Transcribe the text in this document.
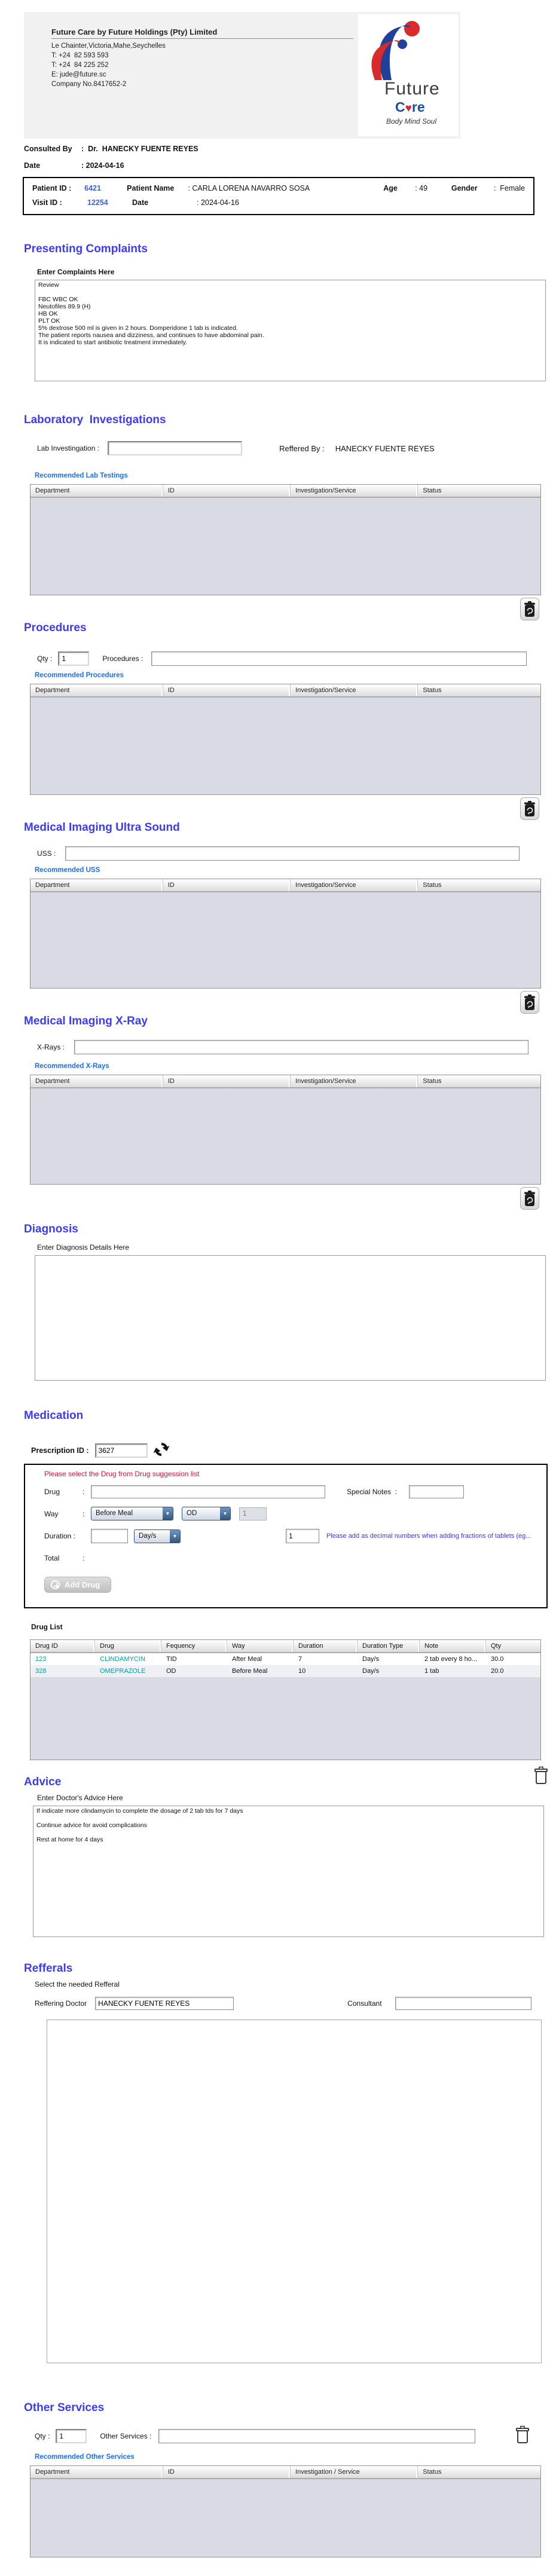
Future Care by Future Holdings (Pty) Limited
Le Chainter,Victoria,Mahe,Seychelles
T: +24  82 593 593
T: +24  84 225 252
E: jude@future.sc
Company No.8417652-2	Future
C♥re
Body Mind Soul
Consulted By :  Dr.  HANECKY FUENTE REYES
Date	: 2024-04-16
Patient ID :	6421	Patient Name	: CARLA LORENA NAVARRO SOSA	Age	: 49	Gender	:  Female
Visit ID :	12254	Date	: 2024-04-16
Presenting Complaints
Enter Complaints Here
Review FBC WBC OK Neutofiles 89.9 (H) HB OK PLT OK 5% dextrose 500 ml is given in 2 hours. Domperidone 1 tab is indicated. The patient reports nausea and dizziness, and continues to have abdominal pain. It is indicated to start antibiotic treatment immediately.
Laboratory  Investigations
Lab Investingation :	Reffered By : HANECKY FUENTE REYES
Recommended Lab Testings
Department	ID	Investigation/Service	Status
Procedures
Qty :
1	Procedures :
Recommended Procedures
Department	ID	Investigation/Service	Status
Medical Imaging Ultra Sound
USS :
Recommended USS
Department	ID	Investigation/Service	Status
Medical Imaging X-Ray
X-Rays :
Recommended X-Rays
Department	ID	Investigation/Service	Status
Diagnosis
Enter Diagnosis Details Here
Medication
Prescription ID :
3627
Please select the Drug from Drug suggession list
Drug	:	Special Notes  :
Way	:	Before Meal	▼	OD	▼
1
Duration :	Day/s	▼
1	Please add as decimal numbers when adding fractions of tablets (eg...
Total	:
Add Drug
Drug List
Drug ID	Drug	Fequency	Way	Duration	Duration Type	Note	Qty
123	CLINDAMYCIN	TID	After Meal	7	Day/s	2 tab every 8 ho...	30.0
328	OMEPRAZOLE	OD	Before Meal	10	Day/s	1 tab	20.0
Advice
Enter Doctor's Advice Here
If indicate more clindamycin to complete the dosage of 2 tab tds for 7 days Continue advice for avoid complications Rest at home for 4 days
Refferals
Select the needed Refferal
Reffering Doctor
HANECKY FUENTE REYES	Consultant
Other Services
Qty :
1	Other Services :
Recommended Other Services
Department	ID	Investigation / Service	Status
